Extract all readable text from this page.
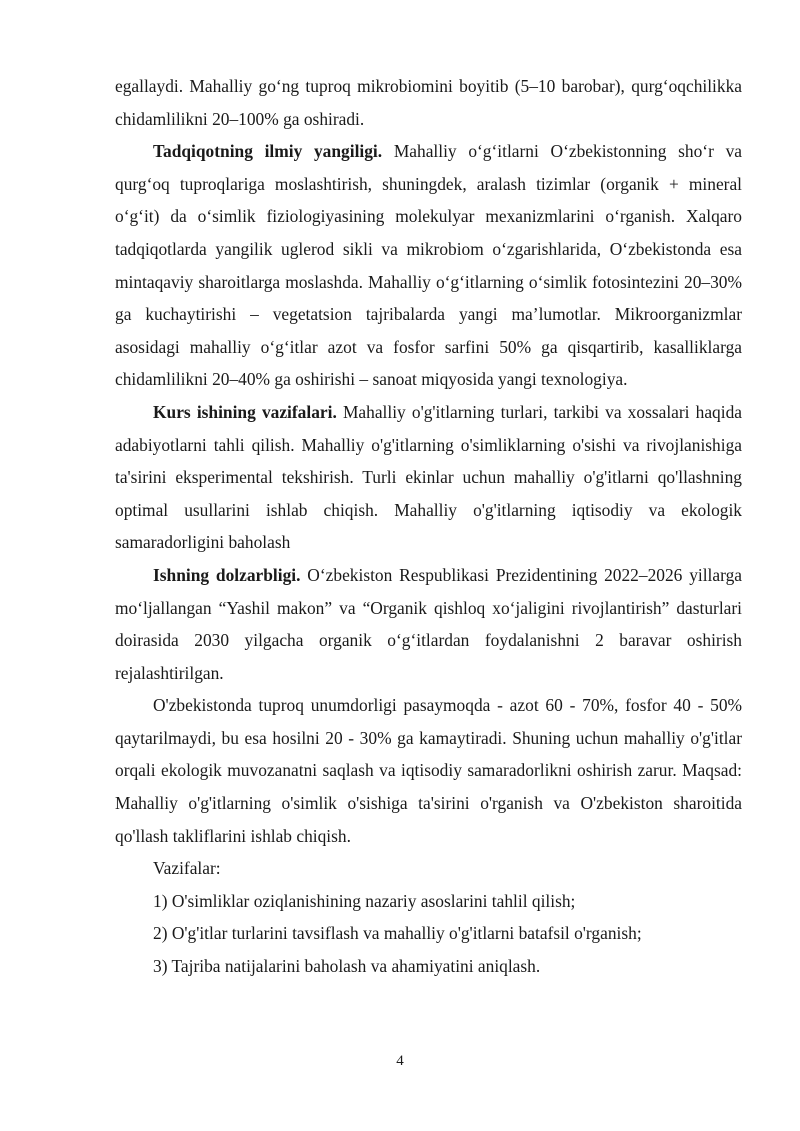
egallaydi. Mahalliy go‘ng tuproq mikrobiomini boyitib (5–10 barobar), qurg‘oqchilikka chidamlilikni 20–100% ga oshiradi.

Tadqiqotning ilmiy yangiligi. Mahalliy o‘g‘itlarni O‘zbekistonning sho‘r va qurg‘oq tuproqlariga moslashtirish, shuningdek, aralash tizimlar (organik + mineral o‘g‘it) da o‘simlik fiziologiyasining molekulyar mexanizmlarini o‘rganish. Xalqaro tadqiqotlarda yangilik uglerod sikli va mikrobiom o‘zgarishlarida, O‘zbekistonda esa mintaqaviy sharoitlarga moslashda. Mahalliy o‘g‘itlarning o‘simlik fotosintezini 20–30% ga kuchaytirishi – vegetatsion tajribalarda yangi ma’lumotlar. Mikroorganizmlar asosidagi mahalliy o‘g‘itlar azot va fosfor sarfini 50% ga qisqartirib, kasalliklarga chidamlilikni 20–40% ga oshirishi – sanoat miqyosida yangi texnologiya.

Kurs ishining vazifalari. Mahalliy o'g'itlarning turlari, tarkibi va xossalari haqida adabiyotlarni tahli qilish. Mahalliy o'g'itlarning o'simliklarning o'sishi va rivojlanishiga ta'sirini eksperimental tekshirish. Turli ekinlar uchun mahalliy o'g'itlarni qo'llashning optimal usullarini ishlab chiqish. Mahalliy o'g'itlarning iqtisodiy va ekologik samaradorligini baholash

Ishning dolzarbligi. O‘zbekiston Respublikasi Prezidentining 2022–2026 yillarga mo‘ljallangan “Yashil makon” va “Organik qishloq xo‘jaligini rivojlantirish” dasturlari doirasida 2030 yilgacha organik o‘g‘itlardan foydalanishni 2 baravar oshirish rejalashtirilgan.

O'zbekistonda tuproq unumdorligi pasaymoqda - azot 60 - 70%, fosfor 40 - 50% qaytarilmaydi, bu esa hosilni 20 - 30% ga kamaytiradi. Shuning uchun mahalliy o'g'itlar orqali ekologik muvozanatni saqlash va iqtisodiy samaradorlikni oshirish zarur. Maqsad: Mahalliy o'g'itlarning o'simlik o'sishiga ta'sirini o'rganish va O'zbekiston sharoitida qo'llash takliflarini ishlab chiqish.

Vazifalar:

1) O'simliklar oziqlanishining nazariy asoslarini tahlil qilish;

2) O'g'itlar turlarini tavsiflash va mahalliy o'g'itlarni batafsil o'rganish;

3) Tajriba natijalarini baholash va ahamiyatini aniqlash.

4
